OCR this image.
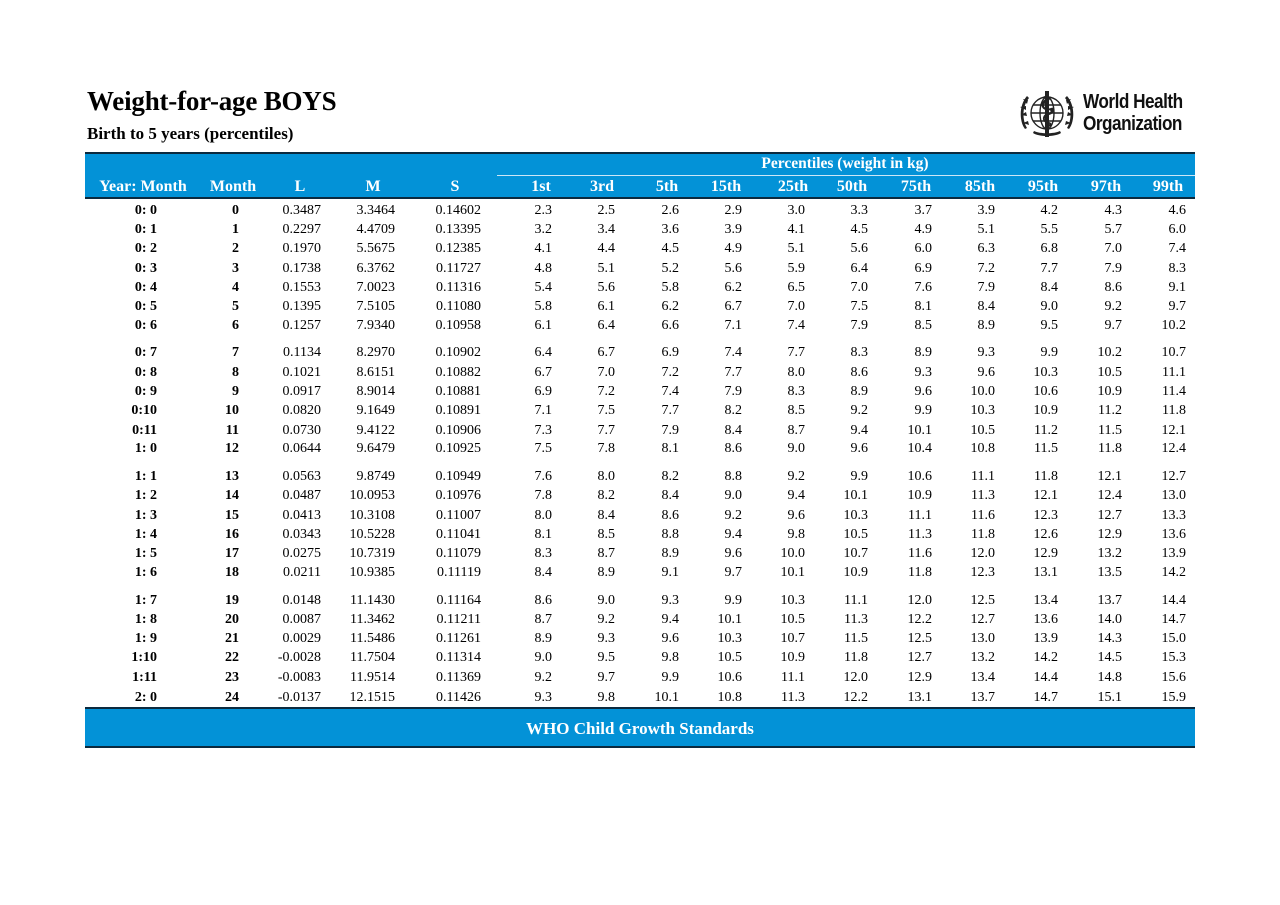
Weight-for-age BOYS
Birth to 5 years (percentiles)
World Health
Organization
Percentiles (weight in kg)
Year: Month Month L	M	S	1st 3rd	5th 15th 25th 50th 75th 85th 95th 97th 99th
0: 0	0	0.3487	3.3464	0.14602	2.3	2.5	2.6	2.9	3.0	3.3	3.7	3.9	4.2	4.3	4.6
0: 1	1	0.2297	4.4709	0.13395	3.2	3.4	3.6	3.9	4.1	4.5	4.9	5.1	5.5	5.7	6.0
0: 2	2	0.1970	5.5675	0.12385	4.1	4.4	4.5	4.9	5.1	5.6	6.0	6.3	6.8	7.0	7.4
0: 3	3	0.1738	6.3762	0.11727	4.8	5.1	5.2	5.6	5.9	6.4	6.9	7.2	7.7	7.9	8.3
0: 4	4	0.1553	7.0023	0.11316	5.4	5.6	5.8	6.2	6.5	7.0	7.6	7.9	8.4	8.6	9.1
0: 5	5	0.1395	7.5105	0.11080	5.8	6.1	6.2	6.7	7.0	7.5	8.1	8.4	9.0	9.2	9.7
0: 6	6	0.1257	7.9340	0.10958	6.1	6.4	6.6	7.1	7.4	7.9	8.5	8.9	9.5	9.7	10.2
0: 7	7	0.1134	8.2970	0.10902	6.4	6.7	6.9	7.4	7.7	8.3	8.9	9.3	9.9	10.2	10.7
0: 8	8	0.1021	8.6151	0.10882	6.7	7.0	7.2	7.7	8.0	8.6	9.3	9.6	10.3	10.5	11.1
0: 9	9	0.0917	8.9014	0.10881	6.9	7.2	7.4	7.9	8.3	8.9	9.6	10.0	10.6	10.9	11.4
0:10	10	0.0820	9.1649	0.10891	7.1	7.5	7.7	8.2	8.5	9.2	9.9	10.3	10.9	11.2	11.8
0:11	11	0.0730	9.4122	0.10906	7.3	7.7	7.9	8.4	8.7	9.4	10.1	10.5	11.2	11.5	12.1
1: 0	12	0.0644	9.6479	0.10925	7.5	7.8	8.1	8.6	9.0	9.6	10.4	10.8	11.5	11.8	12.4
1: 1	13	0.0563	9.8749	0.10949	7.6	8.0	8.2	8.8	9.2	9.9	10.6	11.1	11.8	12.1	12.7
1: 2	14	0.0487 10.0953	0.10976	7.8	8.2	8.4	9.0	9.4	10.1	10.9	11.3	12.1	12.4	13.0
1: 3	15	0.0413 10.3108	0.11007	8.0	8.4	8.6	9.2	9.6	10.3	11.1	11.6	12.3	12.7	13.3
1: 4	16	0.0343 10.5228	0.11041	8.1	8.5	8.8	9.4	9.8	10.5	11.3	11.8	12.6	12.9	13.6
1: 5	17	0.0275 10.7319	0.11079	8.3	8.7	8.9	9.6	10.0	10.7	11.6	12.0	12.9	13.2	13.9
1: 6	18	0.0211 10.9385	0.11119	8.4	8.9	9.1	9.7	10.1	10.9	11.8	12.3	13.1	13.5	14.2
1: 7	19	0.0148 11.1430	0.11164	8.6	9.0	9.3	9.9	10.3	11.1	12.0	12.5	13.4	13.7	14.4
1: 8	20	0.0087 11.3462	0.11211	8.7	9.2	9.4	10.1	10.5	11.3	12.2	12.7	13.6	14.0	14.7
1: 9	21	0.0029 11.5486	0.11261	8.9	9.3	9.6	10.3	10.7	11.5	12.5	13.0	13.9	14.3	15.0
1:10	22	-0.0028 11.7504	0.11314	9.0	9.5	9.8	10.5	10.9	11.8	12.7	13.2	14.2	14.5	15.3
1:11	23	-0.0083 11.9514	0.11369	9.2	9.7	9.9	10.6	11.1	12.0	12.9	13.4	14.4	14.8	15.6
2: 0	24	-0.0137 12.1515	0.11426	9.3	9.8	10.1	10.8	11.3	12.2	13.1	13.7	14.7	15.1	15.9
WHO Child Growth Standards
